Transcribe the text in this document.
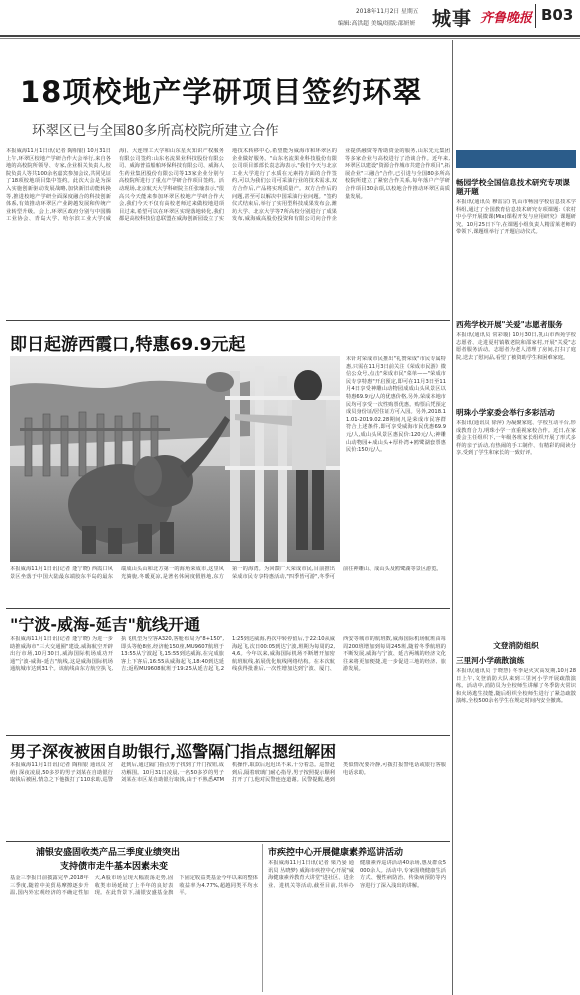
2018年11月2日 星期五
编辑:高洪超 美编/组版:邵妍妍 城事 齐鲁晚报 B03
18项校地产学研项目签约环翠
环翠区已与全国80多所高校院所建立合作
本报威海11月1日讯(记者 陶相银) 10月31日上午,环翠区校地产学研合作大会举行,来自各地的高校院所领导、专家,企业相关负责人,校院负责人等共100余名嘉宾参加会议,共同见证了18项校地项目集中签约。此次大会是为深入实施创新驱动发展战略,加快新旧动能转换等,推进校地产学研全面深度融合的科技创新体系,有效推动环翠区产业跨越发展和传统产业转型升级。会上,环翠区政府分别与中国腾工业协会、青岛大学、哈尔滨工业大学(威海)、大连理工大学和山东星火知识产权服务有限公司签约:山东名流果业科技股份有限公司、威海普益船舶环保科技有限公司、威海人生药业集团股份有限公司等13家企业分别与高校院所进行了重点产学研合作项目签约。活动现场,北京航天大学科研院主任张瑜表示,"很高兴今天能来参加环翠区校地产学研合作大会,我们今天不仅有高校老师过来做校地进项目过来,希望可以在环翠区实现落地转化,我们都是高校科技信息联盟在威海创新园设立了实地技术转移中心,希望能为威海市和环翠区的企业做好服务。"山东名流果业科技股份有限公司项目部部长袁志海表示,"我们今天与北京工业大学进行了水质在元素持方面的合作签约,可以为我们公司可采油行业的技术需求,双方合作后,产品将实现质量产。双方合作后的问题,甚至可以解决中国采油行业问题。"签约仪式结束后,举行了实用型科技成果发布会,潍坊大学、北京大学等7所高校分别进行了成果发布,威海威高股份投资和有限公司向合作企业提供融资等帮助资金的服务,山东先元集团等多家企业与高校进行了洽谈合作。近年来,环翠区以建设"资源合作城市共建合作项目",拓展企业"三融合"合作,已引进与全国80多所高校院所建立了紧密合作关系,每年落户产学研合作项目30余项,以校地合作推动环翠区高质量发展。
即日起游西霞口,特惠69.9元起
末针对荣成市民推出"礼赞荣成"市民专属特惠,只需在11月3日前关注《荣成市民游》微信公众号,点击"荣成市民"菜单——"荣成市民专享特惠"开启预定,即可在11月3日至11月4日享受神雕山动物园成成山头风景区以特惠69.9元/人的优惠价格,另外,荣成本地市民均可享受一次性购票优惠。购票后凭预定成员身份证/居住证方可入园。另外,2018.11.01-2019.02.28期间凡是荣成市民客群符合上述条件,即可享受威海市民优惠69.9元/人,成山头风景区惠民价:120元/人;神雕山动物园+成山头+厚朴湾+鸥鹭湖套票惠民价:150元/人。
本报威海11月1日讯(记者 逄宁晓) 西霞口风景区坐落于中国大陆最东端胶东半岛的最东端成山头山和北方第一的海角荣成市,这里风光旖旎,冬暖夏凉,是著名休闲度假胜地,东方第一的海湾。为回馈广大荣成市民,目前推出荣成市民专享特惠活动,"四季皆可游",冬季可前往神雕山、成山头及鸥鹭湖等景区游览。
"宁波-威海-延吉"航线开通
本报威海11月1日讯(记者 逄宁晓) 为进一步助推威海市"三大交通圈"建设,威海航空开辟出行市场,10月30日,威海国际机场成功开通"宁波-威海-延吉"航线,这是威海国际机场通航城市达到31个。该航线由东方航空执飞,执飞机型为空客A320,客舱布局为"8+150",即头等舱8座,经济舱150座,MU9607航班于13:55从宁波起飞,15:55到达威海,在完成旅客上下客后,16:55从威海起飞,18:40到达延吉;返程MU9608航班于19:25从延吉起飞,21:25到达威海,再次中转停留后,于22:10从威海起飞,次日00:05到达宁波,班期为每周的2,4,6。今年以来,威海国际机场不断增开加密航班航线,拓展优化航线网络结构。在本次航线获得批准后,一次性增加达到宁波、厦门、西安等城市的航班数,威海国际机场航班由每周200班增加到每周245班,随着冬季航班的不断发展,威海与宁波、延吉两城的经济文化往来将更加便捷,进一步促进三地的经济、旅游发展。
男子深夜被困自助银行,巡警隔门指点摁纽解困
本报威海11月1日讯(记者 陶相银 通讯员 宫萌) 深夜凌晨,50多岁的男子刘某在自助银行取钱后被困,情急之下他拨打了110求助,巡警赶到后,通过隔门指点男子找到了开门按钮,成功解围。10月31日凌晨,一名50多岁的男子刘某在市区某自助银行取钱,由于不熟悉ATM机操作,取款后迟迟出不来,十分着急。巡警赶到后,隔着玻璃门耐心指导,男子按照提示顺利打开了门,他对民警连连道谢。民警提醒,遇到类似情况要冷静,可拨打报警电话或银行客服电话求助。
浦银安盛固收类产品三季度业绩突出
支持债市走牛基本因素未变
基金三季报日前披露完毕,2018年三季度,随着中美贸易摩擦逐步升温,国内外宏观经济的不确定性加大,A股市场呈现大幅震荡走势,固收类市场延续了上半年的良好表现。在此背景下,浦银安盛基金旗下固定收益类基金今年以来的整体收益率为4.77%,超越同类平均水平。
市疾控中心开展健康素养巡讲活动
本报威海11月1日讯(记者 梁乃晏 通讯员 丛晓梦) 威海市疾控中心开展"威海健康素养教育大讲堂"进社区、进企业、进机关等活动,截至目前,共举办健康素养巡讲活动40余场,惠及群众5000余人。活动中,专家围绕健康生活方式、慢性病防治、传染病预防等内容进行了深入浅出的讲解。
畅园学校全国信息技术研究专项课题开题
本报讯(通讯员 穆雷宗) 乳山市畅园学校信息技术学科组,通过了全国教育信息技术研究专项课题:《农村中小学开展微课(Mix)课程开发与应用研究》课题研究。10月25日下午,在课题小组负责人精雷莱老师的带领下,课题组举行了开题启动仪式。
西苑学校开展"关爱"志愿者服务
本报讯(通讯员 常彩璇) 10月30日,乳山市西苑学校志愿者、走进夏村镇敬老院和邵家村,开展"关爱"志愿者服务活动。志愿者为老人清理了房间,打扫了庭院,送去了慰问品,看望了被资助学生和困难家庭。
明珠小学家委会举行多彩活动
本报讯(通讯员 徐萍) 为凝聚家庭、学校互动平台,形成教育合力,明珠小学一直重视家校合作。近日,在家委会主任组织下,一年级各班家长组织开展了形式多样的亲子活动,有热闹的手工制作、有精彩的阅读分享,受到了学生和家长的一致好评。
文登消防组织
三里河小学疏散演练
本报讯(通讯员 于晓慧) 冬季是火灾高发期,10月28日上午,文登消防大队来到三里河小学开展疏散演练。活动中,消防员为全校师生讲解了冬季防火常识和火场逃生技能,随后组织全校师生进行了紧急疏散演练,全校500余名学生在规定时间内安全撤离。
